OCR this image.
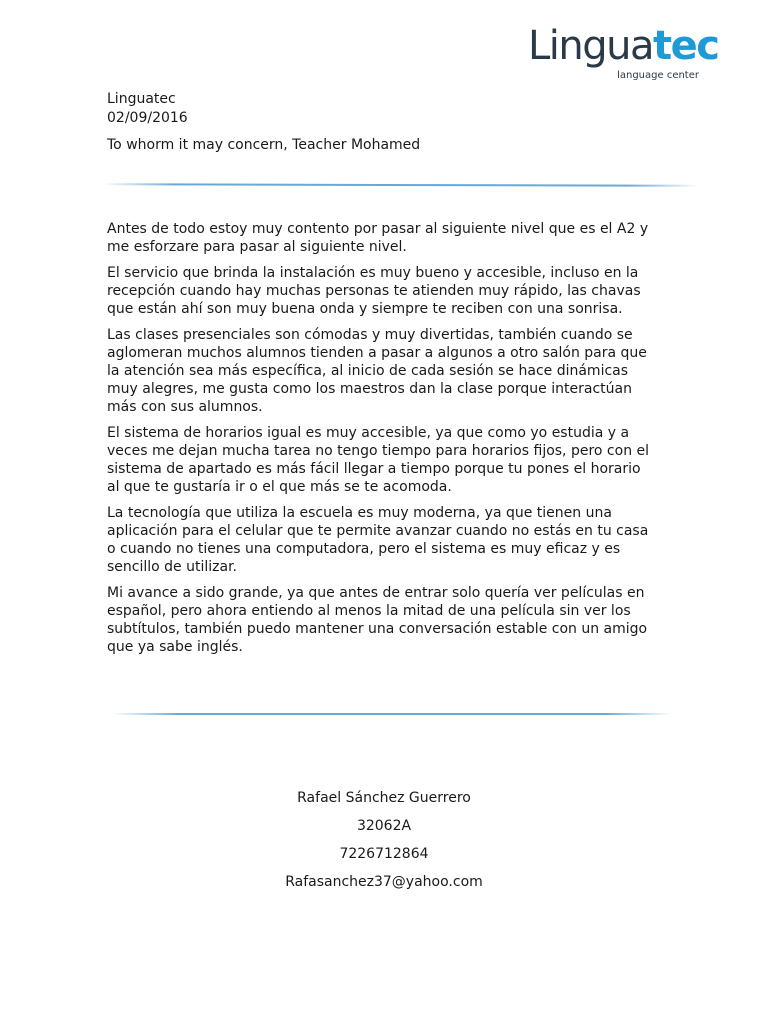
Linguatec
language center
Linguatec
02/09/2016
To whorm it may concern, Teacher Mohamed

Antes de todo estoy muy contento por pasar al siguiente nivel que es el A2 y me esforzare para pasar al siguiente nivel.

El servicio que brinda la instalación es muy bueno y accesible, incluso en la recepción cuando hay muchas personas te atienden muy rápido, las chavas que están ahí son muy buena onda y siempre te reciben con una sonrisa.

Las clases presenciales son cómodas y muy divertidas, también cuando se aglomeran muchos alumnos tienden a pasar a algunos a otro salón para que la atención sea más específica, al inicio de cada sesión se hace dinámicas muy alegres, me gusta como los maestros dan la clase porque interactúan más con sus alumnos.

El sistema de horarios igual es muy accesible, ya que como yo estudia y a veces me dejan mucha tarea no tengo tiempo para horarios fijos, pero con el sistema de apartado es más fácil llegar a tiempo porque tu pones el horario al que te gustaría ir o el que más se te acomoda.

La tecnología que utiliza la escuela es muy moderna, ya que tienen una aplicación para el celular que te permite avanzar cuando no estás en tu casa o cuando no tienes una computadora, pero el sistema es muy eficaz y es sencillo de utilizar.

Mi avance a sido grande, ya que antes de entrar solo quería ver películas en español, pero ahora entiendo al menos la mitad de una película sin ver los subtítulos, también puedo mantener una conversación estable con un amigo que ya sabe inglés.

Rafael Sánchez Guerrero
32062A
7226712864
Rafasanchez37@yahoo.com
